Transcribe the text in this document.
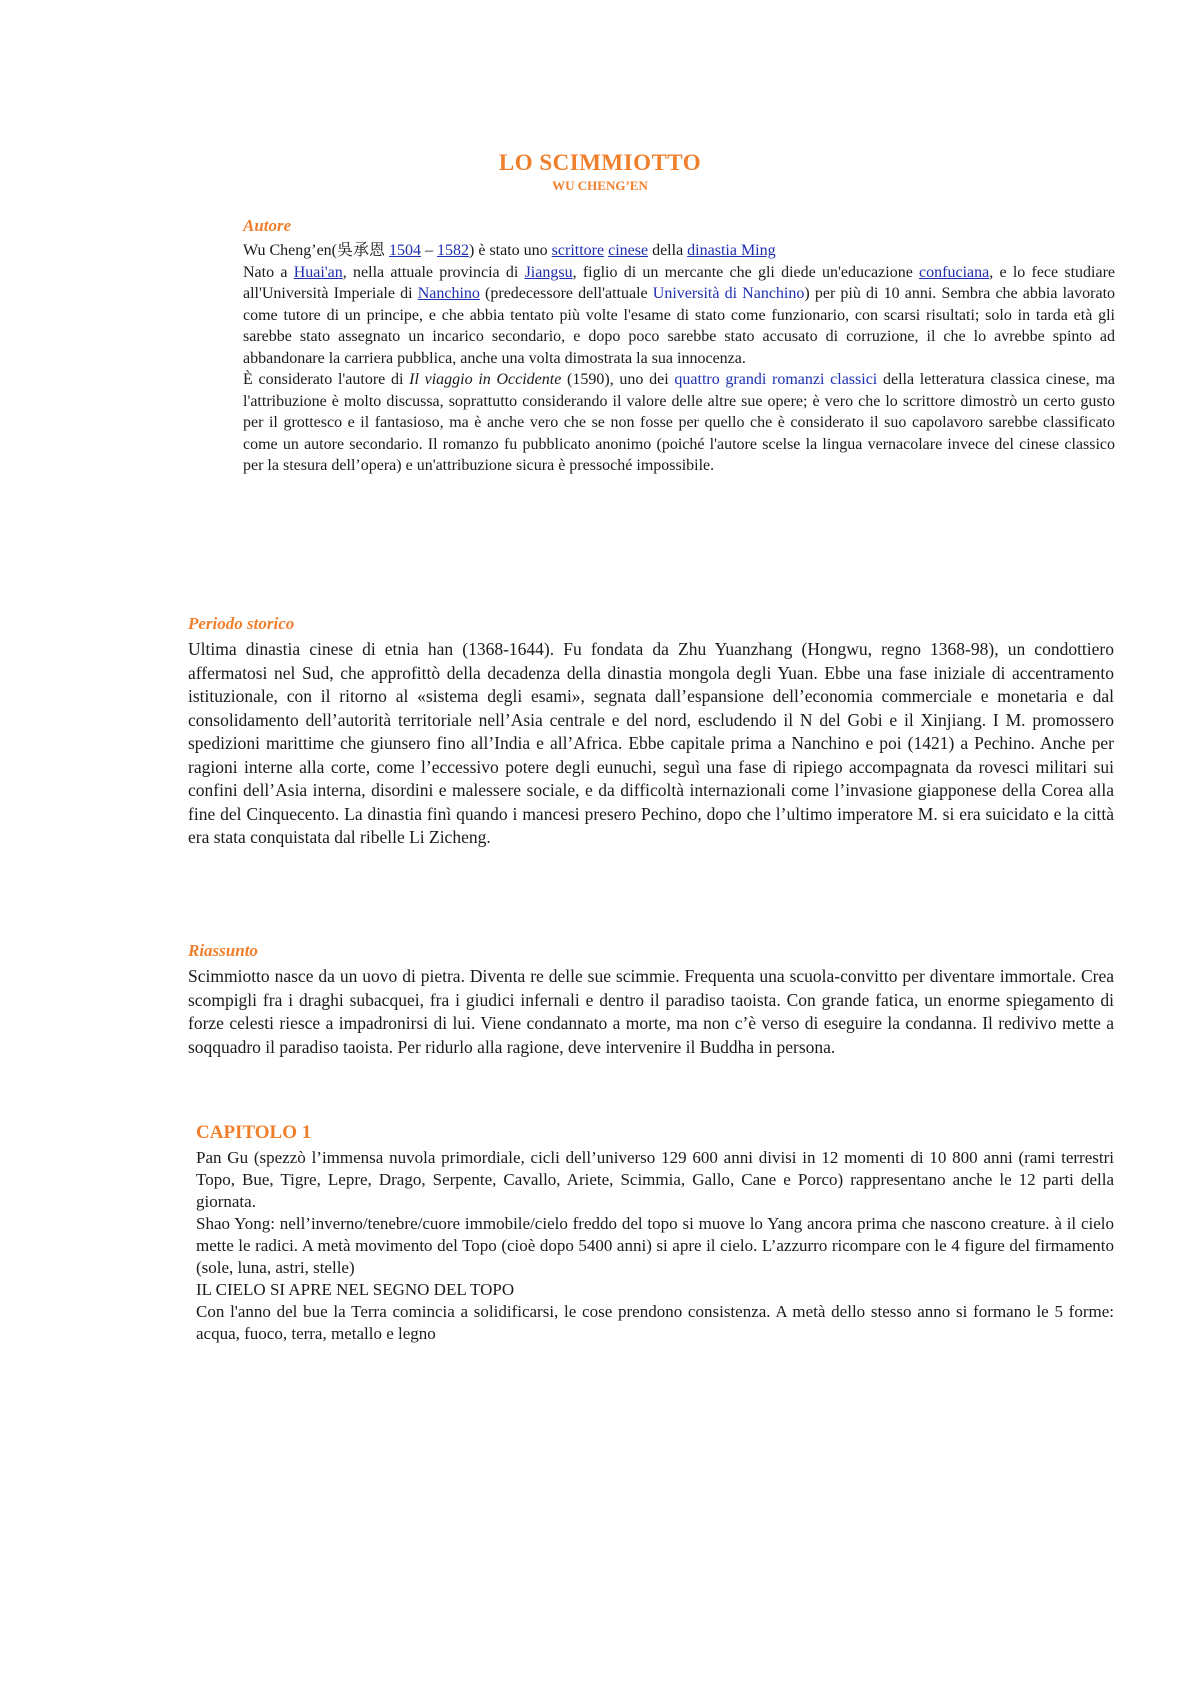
LO SCIMMIOTTO
WU CHENG’EN
Autore

Wu Cheng’en(吳承恩 1504 – 1582) è stato uno scrittore cinese della dinastia Ming

Nato a Huai'an, nella attuale provincia di Jiangsu, figlio di un mercante che gli diede un'educazione confuciana, e lo fece studiare all'Università Imperiale di Nanchino (predecessore dell'attuale Università di Nanchino) per più di 10 anni. Sembra che abbia lavorato come tutore di un principe, e che abbia tentato più volte l'esame di stato come funzionario, con scarsi risultati; solo in tarda età gli sarebbe stato assegnato un incarico secondario, e dopo poco sarebbe stato accusato di corruzione, il che lo avrebbe spinto ad abbandonare la carriera pubblica, anche una volta dimostrata la sua innocenza.

È considerato l'autore di Il viaggio in Occidente (1590), uno dei quattro grandi romanzi classici della letteratura classica cinese, ma l'attribuzione è molto discussa, soprattutto considerando il valore delle altre sue opere; è vero che lo scrittore dimostrò un certo gusto per il grottesco e il fantasioso, ma è anche vero che se non fosse per quello che è considerato il suo capolavoro sarebbe classificato come un autore secondario. Il romanzo fu pubblicato anonimo (poiché l'autore scelse la lingua vernacolare invece del cinese classico per la stesura dell’opera) e un'attribuzione sicura è pressoché impossibile.

Periodo storico

Ultima dinastia cinese di etnia han (1368-1644). Fu fondata da Zhu Yuanzhang (Hongwu, regno 1368-98), un condottiero affermatosi nel Sud, che approfittò della decadenza della dinastia mongola degli Yuan. Ebbe una fase iniziale di accentramento istituzionale, con il ritorno al «sistema degli esami», segnata dall’espansione dell’economia commerciale e monetaria e dal consolidamento dell’autorità territoriale nell’Asia centrale e del nord, escludendo il N del Gobi e il Xinjiang. I M. promossero spedizioni marittime che giunsero fino all’India e all’Africa. Ebbe capitale prima a Nanchino e poi (1421) a Pechino. Anche per ragioni interne alla corte, come l’eccessivo potere degli eunuchi, seguì una fase di ripiego accompagnata da rovesci militari sui confini dell’Asia interna, disordini e malessere sociale, e da difficoltà internazionali come l’invasione giapponese della Corea alla fine del Cinquecento. La dinastia finì quando i mancesi presero Pechino, dopo che l’ultimo imperatore M. si era suicidato e la città era stata conquistata dal ribelle Li Zicheng.

Riassunto

Scimmiotto nasce da un uovo di pietra. Diventa re delle sue scimmie. Frequenta una scuola-convitto per diventare immortale. Crea scompigli fra i draghi subacquei, fra i giudici infernali e dentro il paradiso taoista. Con grande fatica, un enorme spiegamento di forze celesti riesce a impadronirsi di lui. Viene condannato a morte, ma non c’è verso di eseguire la condanna. Il redivivo mette a soqquadro il paradiso taoista. Per ridurlo alla ragione, deve intervenire il Buddha in persona.

CAPITOLO 1

Pan Gu (spezzò l’immensa nuvola primordiale, cicli dell’universo 129 600 anni divisi in 12 momenti di 10 800 anni (rami terrestri Topo, Bue, Tigre, Lepre, Drago, Serpente, Cavallo, Ariete, Scimmia, Gallo, Cane e Porco) rappresentano anche le 12 parti della giornata.

Shao Yong: nell’inverno/tenebre/cuore immobile/cielo freddo del topo si muove lo Yang ancora prima che nascono creature. à il cielo mette le radici. A metà movimento del Topo (cioè dopo 5400 anni) si apre il cielo. L’azzurro ricompare con le 4 figure del firmamento (sole, luna, astri, stelle)

IL CIELO SI APRE NEL SEGNO DEL TOPO

Con l'anno del bue la Terra comincia a solidificarsi, le cose prendono consistenza. A metà dello stesso anno si formano le 5 forme: acqua, fuoco, terra, metallo e legno
